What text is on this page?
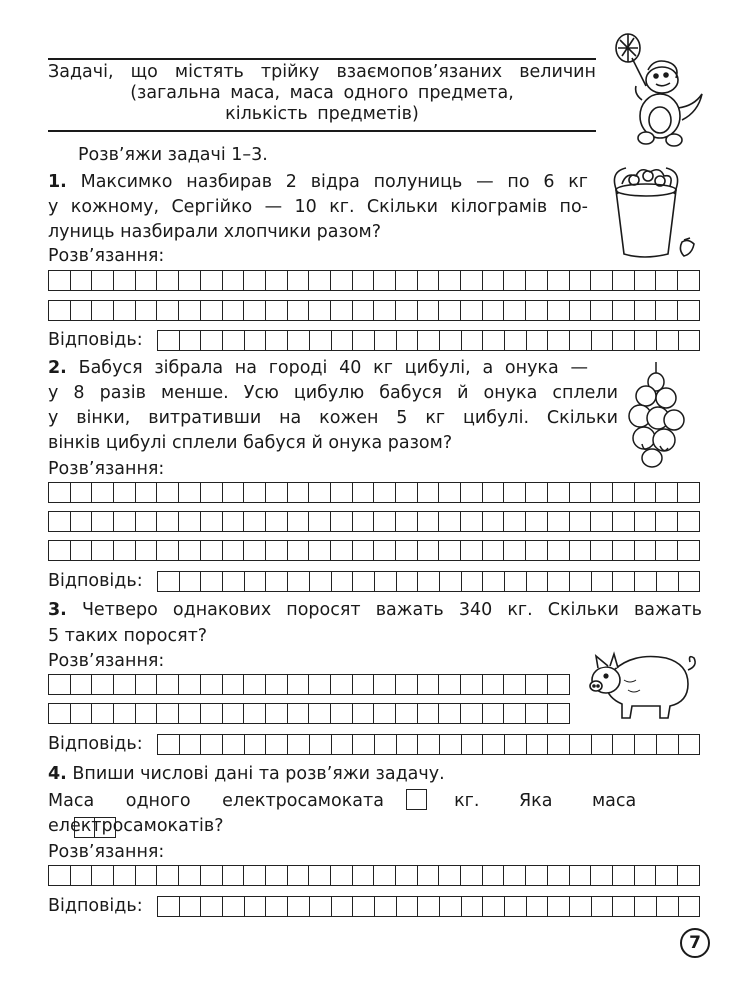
Задачі, що містять трійку взаємопов’язаних величин
(загальна маса, маса одного предмета,
кількість предметів)
Розв’яжи задачі 1–3.
1. Максимко назбирав 2 відра полуниць — по 6 кг
у кожному, Сергійко — 10 кг. Скільки кілограмів по-
луниць назбирали хлопчики разом?
Розв’язання:
Відповідь:
2. Бабуся зібрала на городі 40 кг цибулі, а онука —
у 8 разів менше. Усю цибулю бабуся й онука сплели
у вінки, витративши на кожен 5 кг цибулі. Скільки
вінків цибулі сплели бабуся й онука разом?
Розв’язання:
Відповідь:
3. Четверо однакових поросят важать 340 кг. Скільки важать
5 таких поросят?
Розв’язання:
Відповідь:
4. Впиши числові дані та розв’яжи задачу.
Маса одного електросамоката	кг. Яка маса
електросамокатів?
Розв’язання:
Відповідь:
7
